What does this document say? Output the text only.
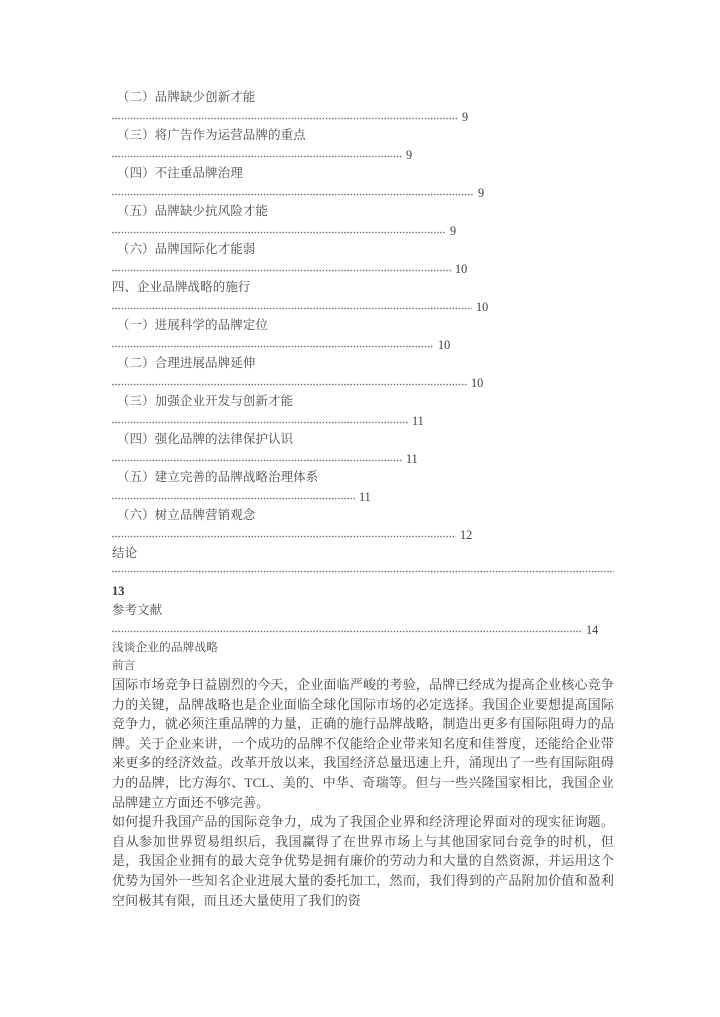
（二）品牌缺少创新才能
9
（三）将广告作为运营品牌的重点
9
（四）不注重品牌治理
9
（五）品牌缺少抗风险才能
9
（六）品牌国际化才能弱
10
四、企业品牌战略的施行
10
（一）进展科学的品牌定位
10
（二）合理进展品牌延伸
10
（三）加强企业开发与创新才能
11
（四）强化品牌的法律保护认识
11
（五）建立完善的品牌战略治理体系
11
（六）树立品牌营销观念
12
结论
13
参考文献
14
浅谈企业的品牌战略
前言

国际市场竞争日益剧烈的今天，企业面临严峻的考验，品牌已经成为提高企业核心竞争力的关键，品牌战略也是企业面临全球化国际市场的必定选择。我国企业要想提高国际竞争力，就必须注重品牌的力量，正确的施行品牌战略，制造出更多有国际阻碍力的品牌。关于企业来讲，一个成功的品牌不仅能给企业带来知名度和佳誉度，还能给企业带来更多的经济效益。改革开放以来，我国经济总量迅速上升，涌现出了一些有国际阻碍力的品牌，比方海尔、TCL、美的、中华、奇瑞等。但与一些兴隆国家相比，我国企业品牌建立方面还不够完善。

如何提升我国产品的国际竞争力，成为了我国企业界和经济理论界面对的现实征询题。自从参加世界贸易组织后，我国赢得了在世界市场上与其他国家同台竞争的时机，但是，我国企业拥有的最大竞争优势是拥有廉价的劳动力和大量的自然资源，并运用这个优势为国外一些知名企业进展大量的委托加工，然而，我们得到的产品附加价值和盈利空间极其有限，而且还大量使用了我们的资
